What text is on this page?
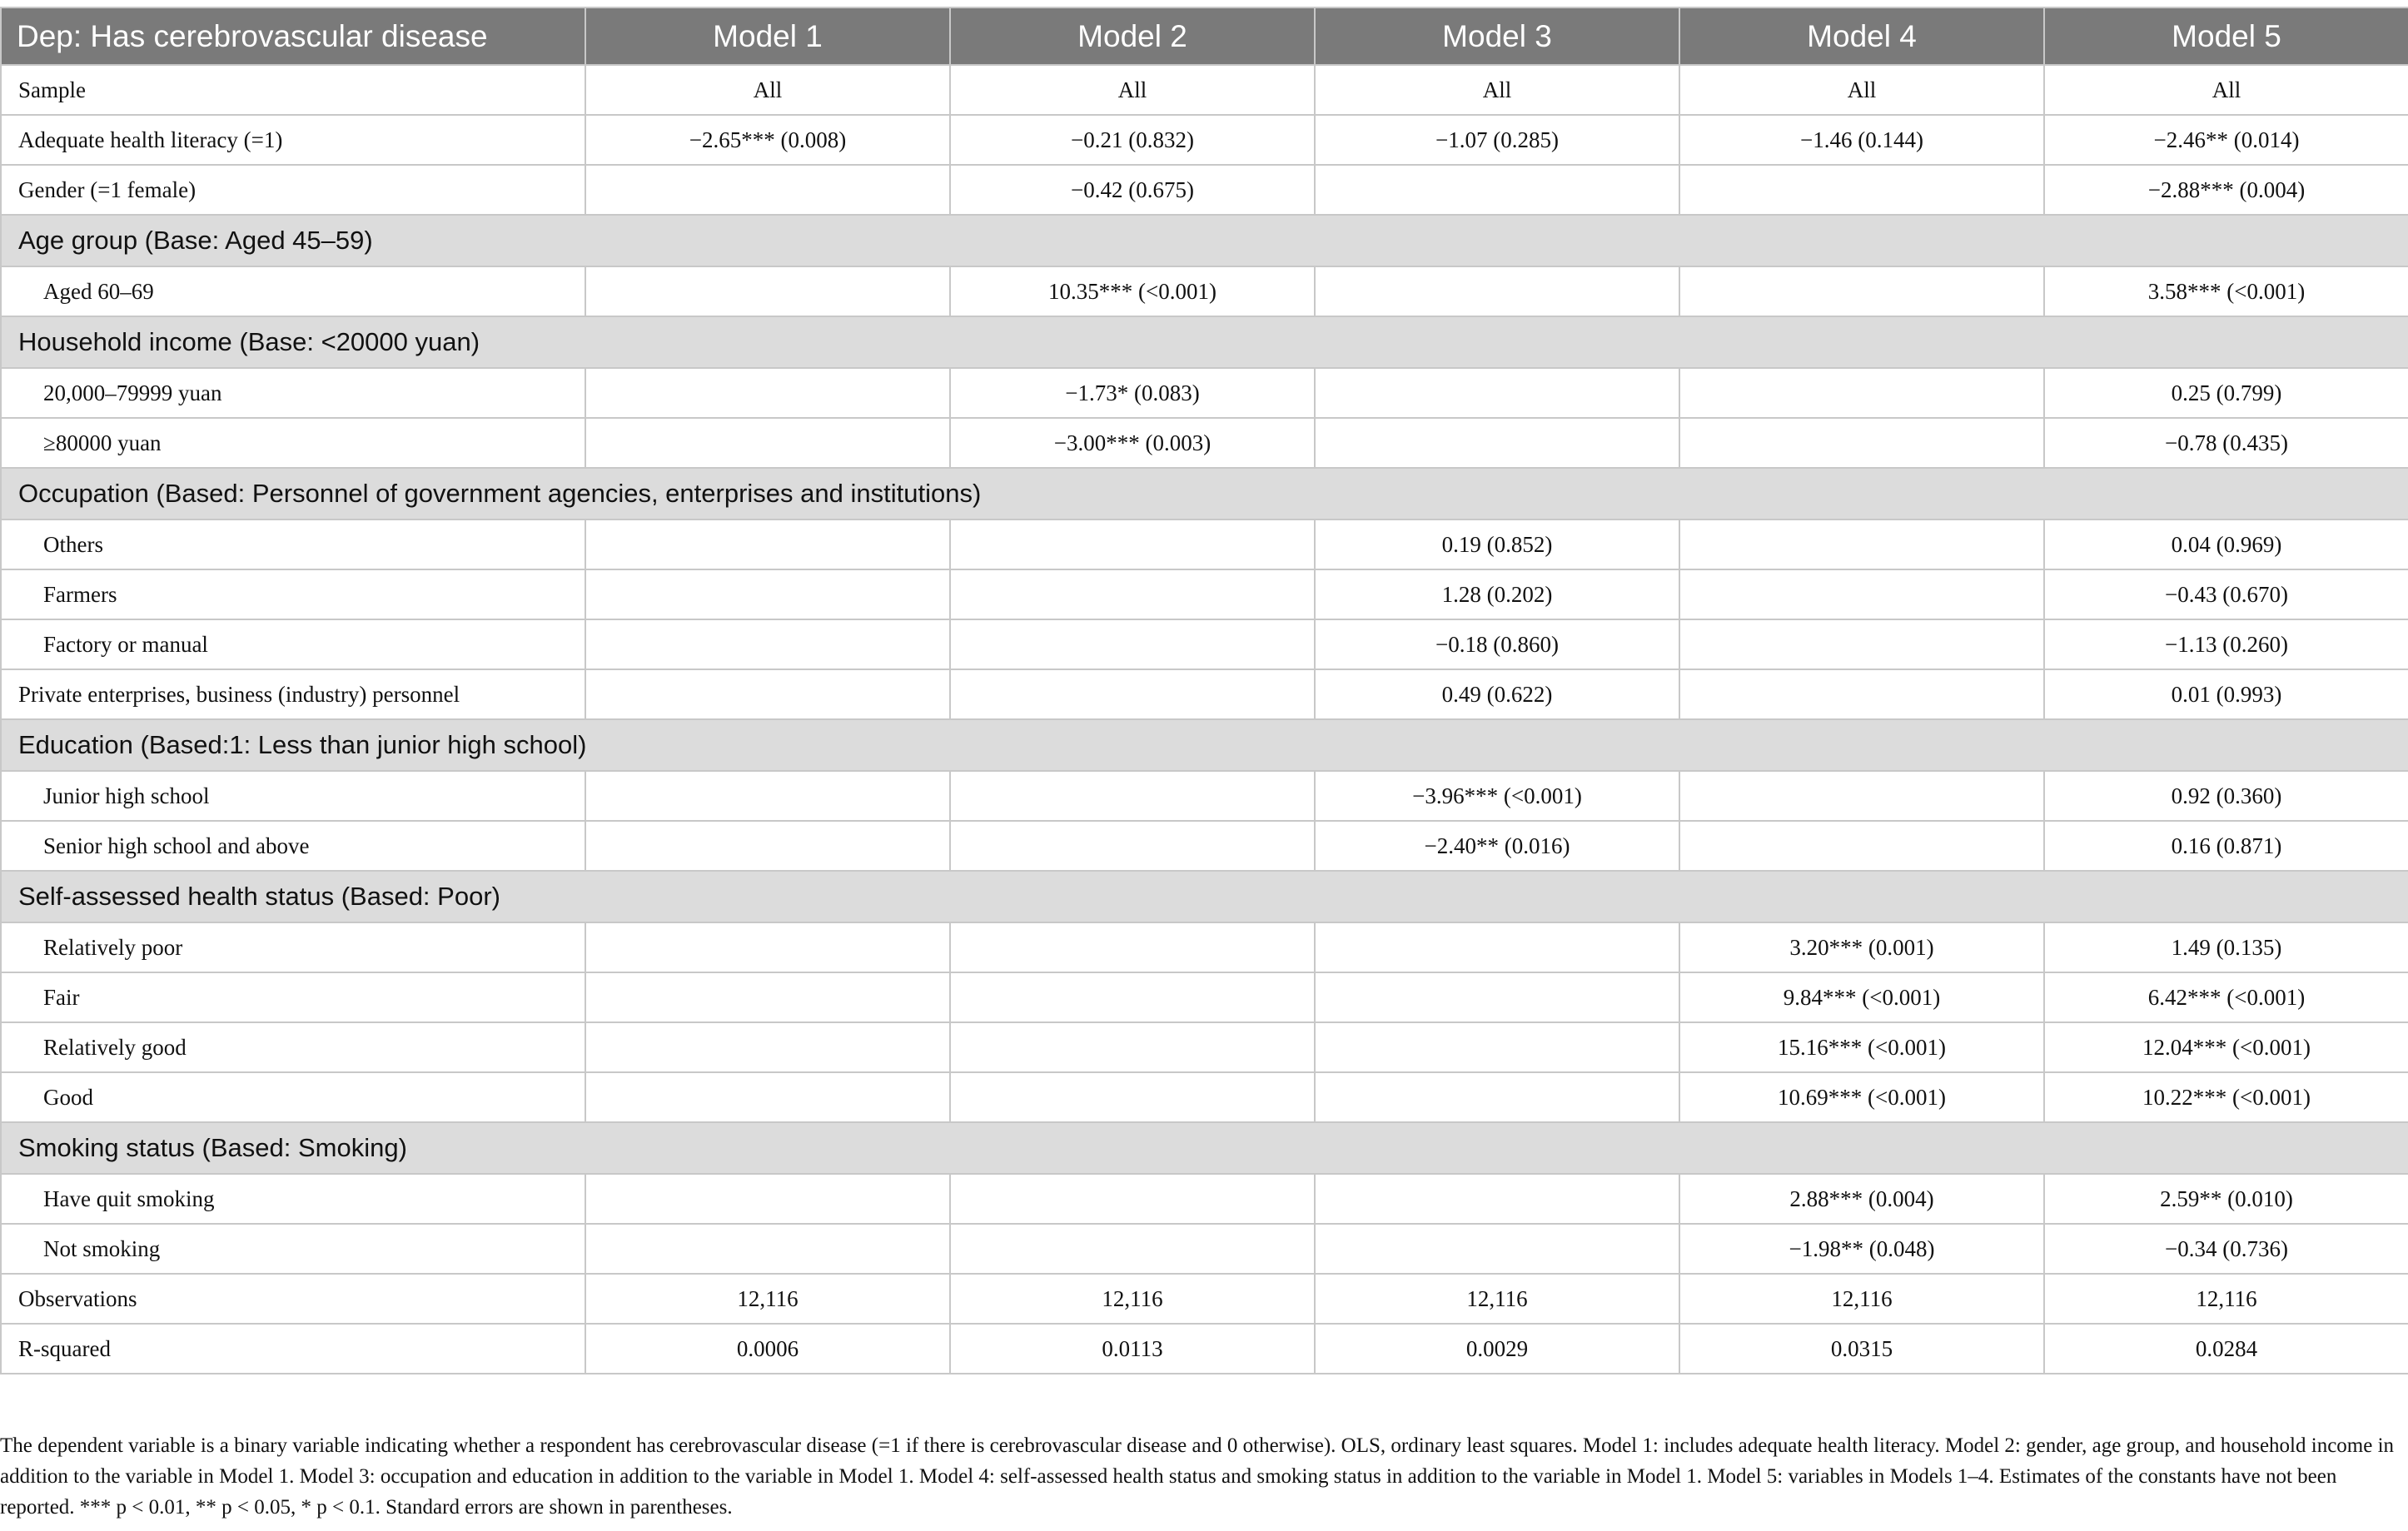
Dep: Has cerebrovascular disease	Model 1	Model 2	Model 3	Model 4	Model 5
Sample	All	All	All	All	All
Adequate health literacy (=1)	−2.65*** (0.008)	−0.21 (0.832)	−1.07 (0.285)	−1.46 (0.144)	−2.46** (0.014)
Gender (=1 female)		−0.42 (0.675)			−2.88*** (0.004)
Age group (Base: Aged 45–59)					
Aged 60–69		10.35*** (<0.001)			3.58*** (<0.001)
Household income (Base: <20000 yuan)					
20,000–79999 yuan		−1.73* (0.083)			0.25 (0.799)
≥80000 yuan		−3.00*** (0.003)			−0.78 (0.435)
Occupation (Based: Personnel of government agencies, enterprises and institutions)					
Others			0.19 (0.852)		0.04 (0.969)
Farmers			1.28 (0.202)		−0.43 (0.670)
Factory or manual			−0.18 (0.860)		−1.13 (0.260)
Private enterprises, business (industry) personnel			0.49 (0.622)		0.01 (0.993)
Education (Based:1: Less than junior high school)					
Junior high school			−3.96*** (<0.001)		0.92 (0.360)
Senior high school and above			−2.40** (0.016)		0.16 (0.871)
Self-assessed health status (Based: Poor)					
Relatively poor				3.20*** (0.001)	1.49 (0.135)
Fair				9.84*** (<0.001)	6.42*** (<0.001)
Relatively good				15.16*** (<0.001)	12.04*** (<0.001)
Good				10.69*** (<0.001)	10.22*** (<0.001)
Smoking status (Based: Smoking)					
Have quit smoking				2.88*** (0.004)	2.59** (0.010)
Not smoking				−1.98** (0.048)	−0.34 (0.736)
Observations	12,116	12,116	12,116	12,116	12,116
R-squared	0.0006	0.0113	0.0029	0.0315	0.0284

The dependent variable is a binary variable indicating whether a respondent has cerebrovascular disease (=1 if there is cerebrovascular disease and 0 otherwise). OLS, ordinary least squares. Model 1: includes adequate health literacy. Model 2: gender, age group, and household income in addition to the variable in Model 1. Model 3: occupation and education in addition to the variable in Model 1. Model 4: self-assessed health status and smoking status in addition to the variable in Model 1. Model 5: variables in Models 1–4. Estimates of the constants have not been reported. *** p < 0.01, ** p < 0.05, * p < 0.1. Standard errors are shown in parentheses.
